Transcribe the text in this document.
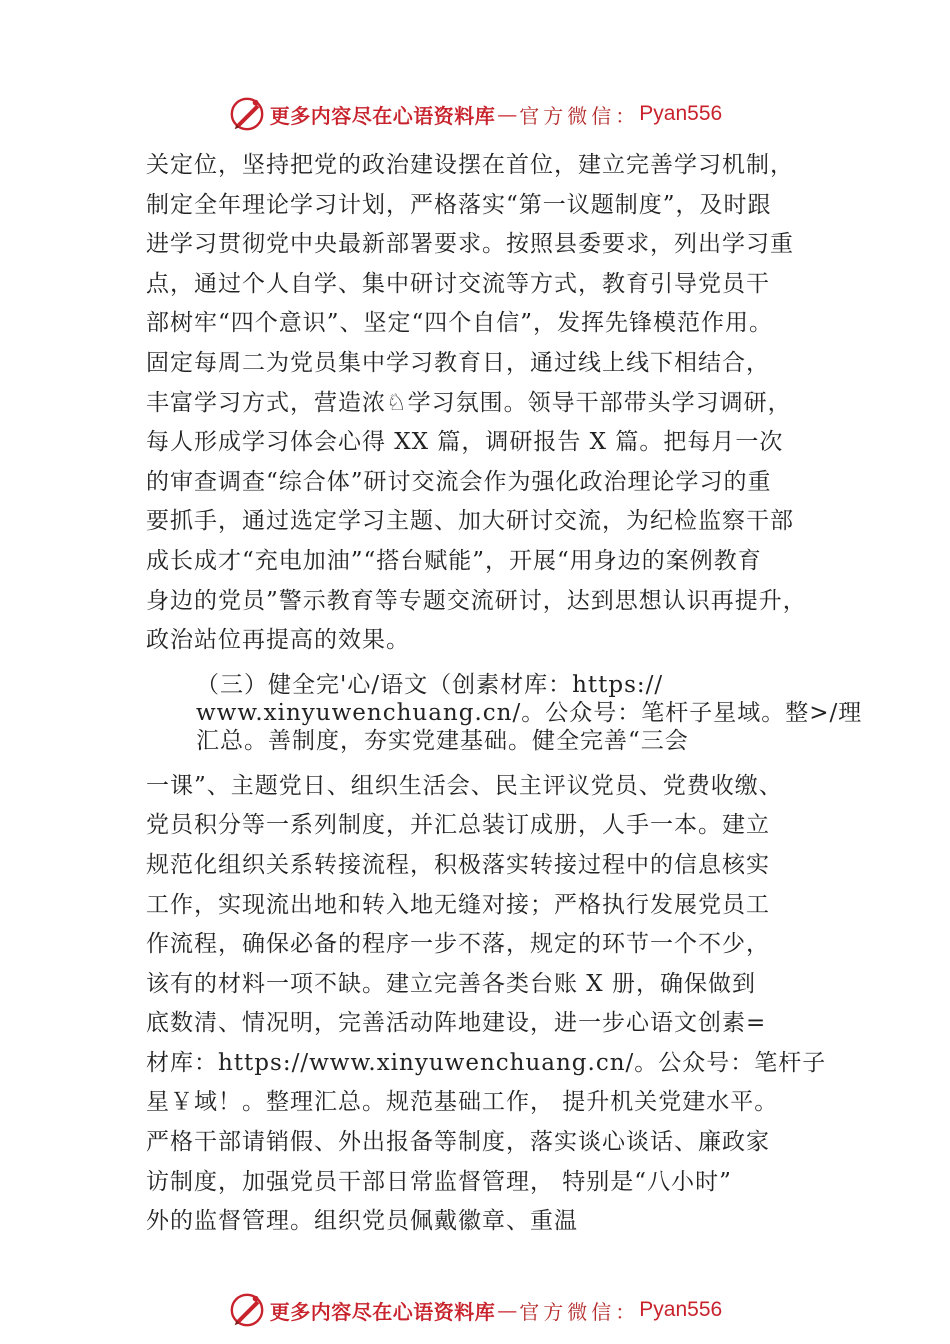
更多内容尽在心语资料库 — 官方微信： Pyan556
关定位，坚持把党的政治建设摆在首位，建立完善学习机制，
制定全年理论学习计划，严格落实“第一议题制度”，及时跟
进学习贯彻党中央最新部署要求。按照县委要求，列出学习重
点，通过个人自学、集中研讨交流等方式，教育引导党员干
部树牢“四个意识”、坚定“四个自信”，发挥先锋模范作用。
固定每周二为党员集中学习教育日，通过线上线下相结合，
丰富学习方式，营造浓♘学习氛围。领导干部带头学习调研，
每人形成学习体会心得 XX 篇，调研报告 X 篇。把每月一次
的审查调查“综合体”研讨交流会作为强化政治理论学习的重
要抓手，通过选定学习主题、加大研讨交流，为纪检监察干部
成长成才“充电加油”“搭台赋能”，开展“用身边的案例教育
身边的党员”警示教育等专题交流研讨，达到思想认识再提升，
政治站位再提高的效果。
（三）健全完'心/语文（创素材库：https://
www.xinyuwenchuang.cn/。公众号：笔杆子星域。整>/理
汇总。善制度，夯实党建基础。健全完善“三会
一课”、主题党日、组织生活会、民主评议党员、党费收缴、
党员积分等一系列制度，并汇总装订成册，人手一本。建立
规范化组织关系转接流程，积极落实转接过程中的信息核实
工作，实现流出地和转入地无缝对接；严格执行发展党员工
作流程，确保必备的程序一步不落，规定的环节一个不少，
该有的材料一项不缺。建立完善各类台账 X 册，确保做到
底数清、情况明，完善活动阵地建设，进一步心语文创素=
材库：https://www.xinyuwenchuang.cn/。公众号：笔杆子
星￥域！。整理汇总。规范基础工作， 提升机关党建水平。
严格干部请销假、外出报备等制度，落实谈心谈话、廉政家
访制度，加强党员干部日常监督管理， 特别是“八小时”
外的监督管理。组织党员佩戴徽章、重温
更多内容尽在心语资料库 — 官方微信： Pyan556
